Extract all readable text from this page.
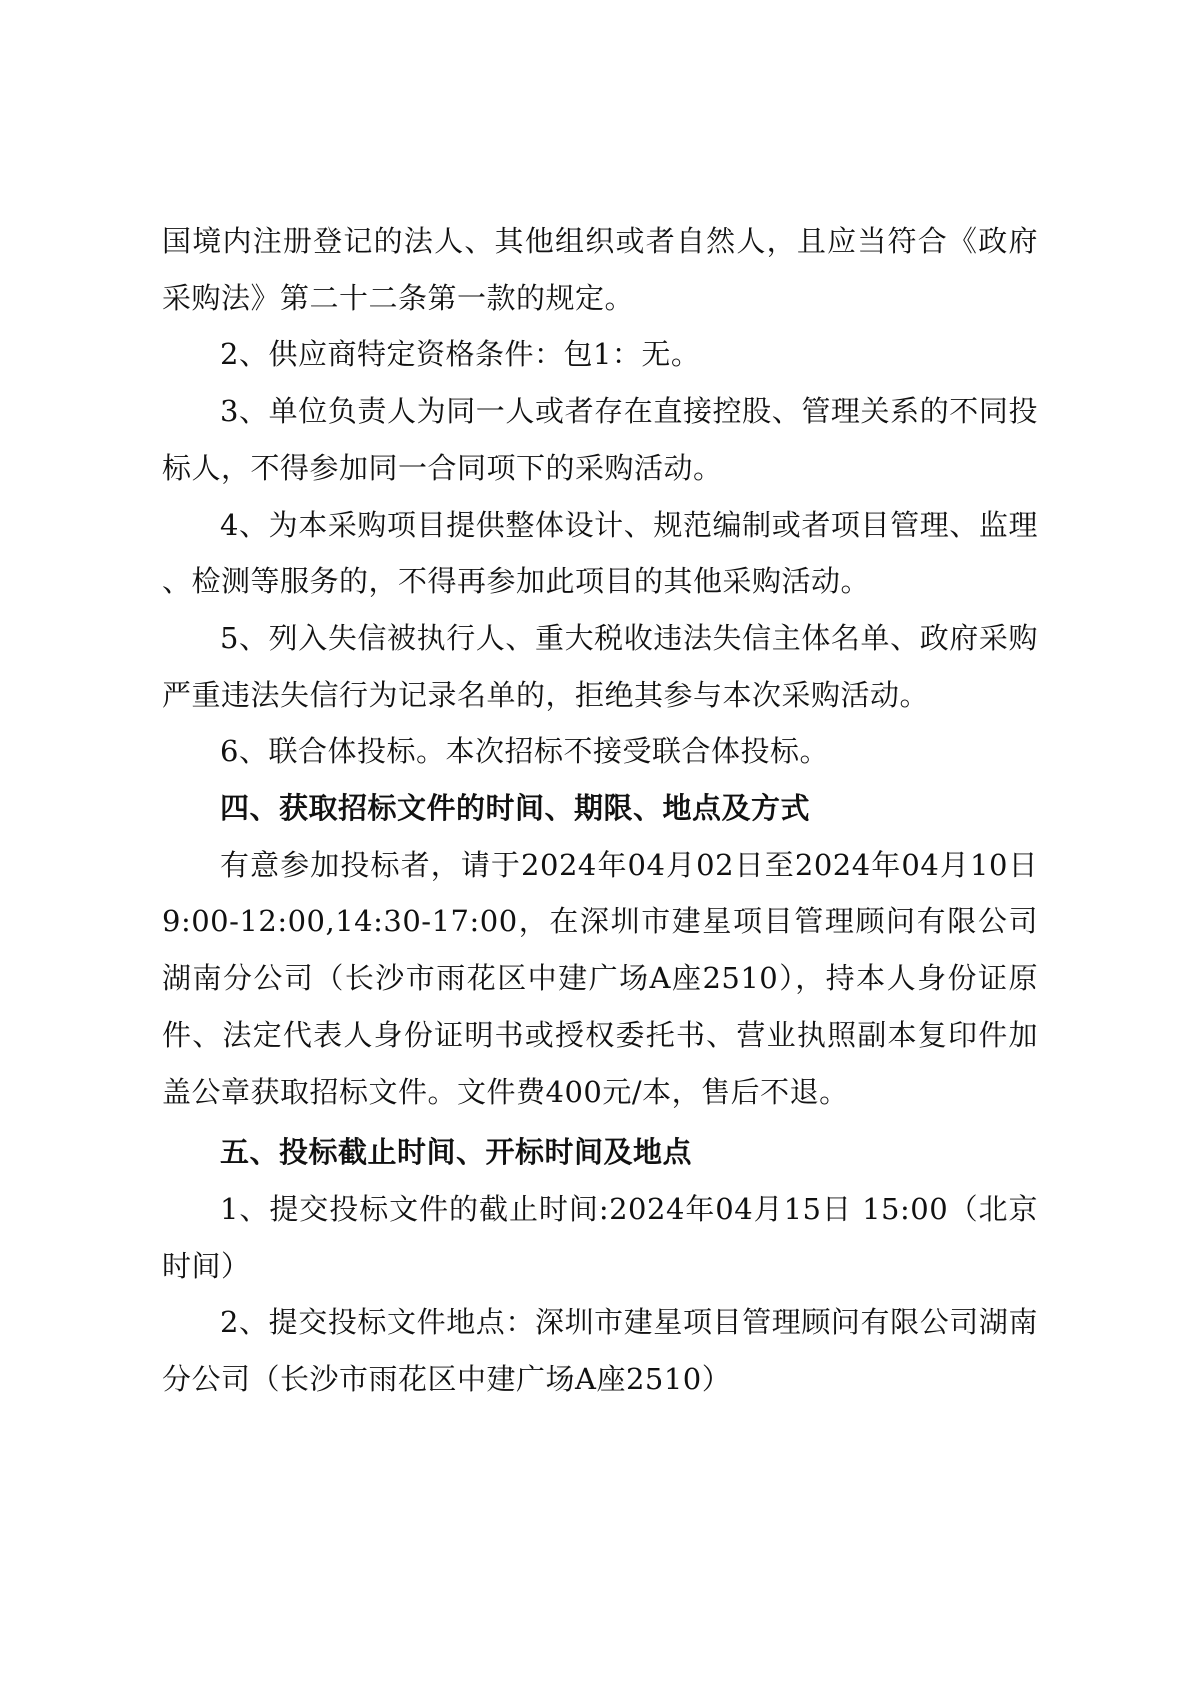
国境内注册登记的法人、其他组织或者自然人，且应当符合《政府采购法》第二十二条第一款的规定。

2、供应商特定资格条件：包1：无。

3、单位负责人为同一人或者存在直接控股、管理关系的不同投标人，不得参加同一合同项下的采购活动。

4、为本采购项目提供整体设计、规范编制或者项目管理、监理、检测等服务的，不得再参加此项目的其他采购活动。

5、列入失信被执行人、重大税收违法失信主体名单、政府采购严重违法失信行为记录名单的，拒绝其参与本次采购活动。

6、联合体投标。本次招标不接受联合体投标。

四、获取招标文件的时间、期限、地点及方式

有意参加投标者，请于2024年04月02日至2024年04月10日9:00-12:00,14:30-17:00，在深圳市建星项目管理顾问有限公司湖南分公司（长沙市雨花区中建广场A座2510），持本人身份证原件、法定代表人身份证明书或授权委托书、营业执照副本复印件加盖公章获取招标文件。文件费400元/本，售后不退。

五、投标截止时间、开标时间及地点

1、提交投标文件的截止时间:2024年04月15日 15:00（北京时间）

2、提交投标文件地点：深圳市建星项目管理顾问有限公司湖南分公司（长沙市雨花区中建广场A座2510）
